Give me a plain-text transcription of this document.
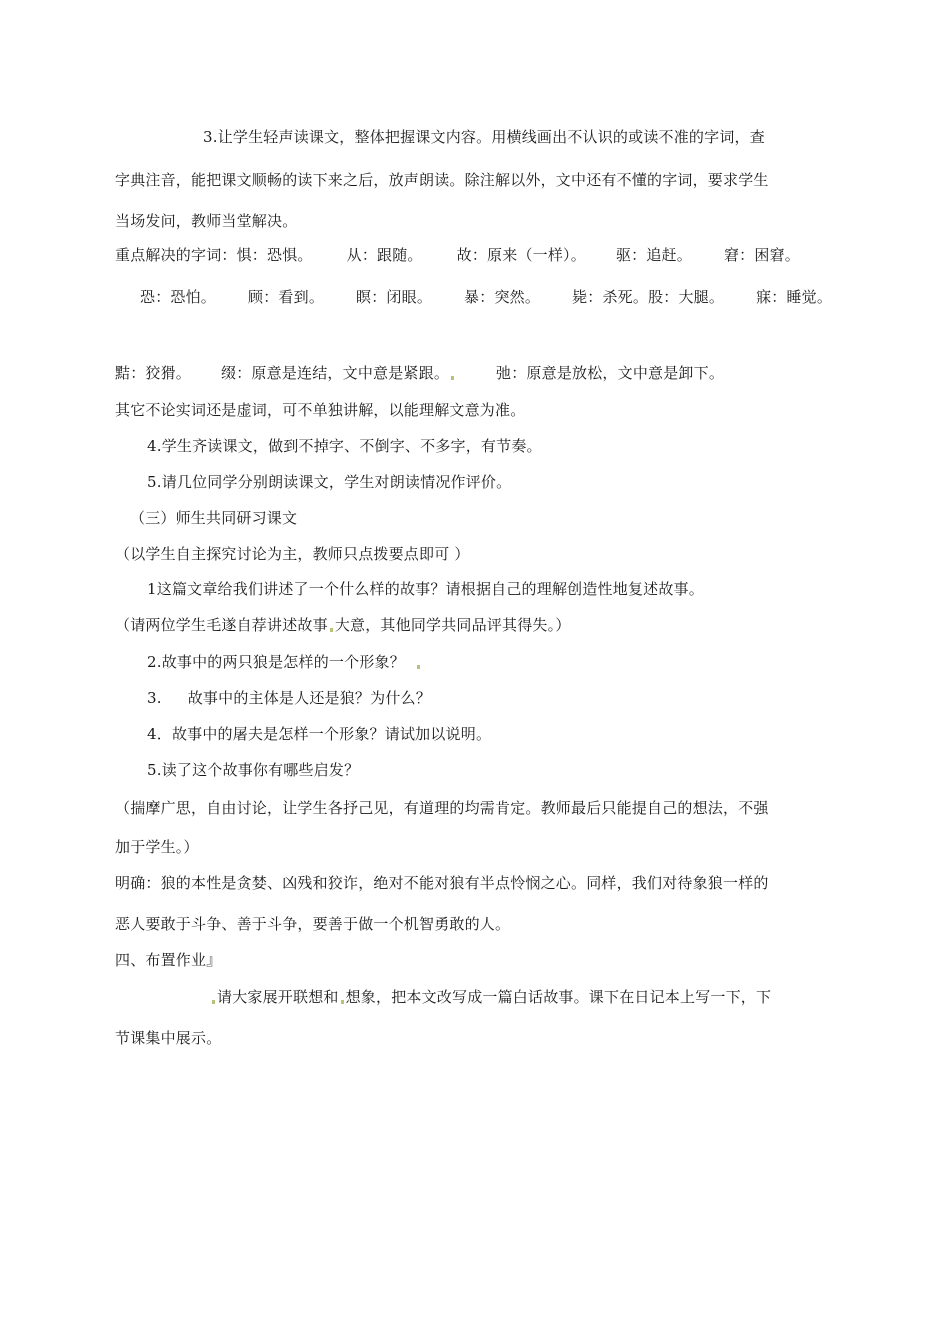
3.让学生轻声读课文，整体把握课文内容。用横线画出不认识的或读不准的字词，查
字典注音，能把课文顺畅的读下来之后，放声朗读。除注解以外，文中还有不懂的字词，要求学生
当场发问，教师当堂解决。
重点解决的字词：惧：恐惧。 从：跟随。 故：原来（一样）。 驱：追赶。 窘：困窘。
恐：恐怕。 顾：看到。 瞑：闭眼。 暴：突然。 毙：杀死。股：大腿。 寐：睡觉。
黠：狡猾。 缀：原意是连结，文中意是紧跟。	弛：原意是放松，文中意是卸下。
其它不论实词还是虚词，可不单独讲解，以能理解文意为准。
4.学生齐读课文，做到不掉字、不倒字、不多字，有节奏。
5.请几位同学分别朗读课文，学生对朗读情况作评价。
（三）师生共同研习课文
（以学生自主探究讨论为主，教师只点拨要点即可 ）
1这篇文章给我们讲述了一个什么样的故事？请根据自己的理解创造性地复述故事。
（请两位学生毛遂自荐讲述故事 大意，其他同学共同品评其得失。）
2.故事中的两只狼是怎样的一个形象？
3. 故事中的主体是人还是狼？为什么？
4．故事中的屠夫是怎样一个形象？请试加以说明。
5.读了这个故事你有哪些启发？
（揣摩广思，自由讨论，让学生各抒己见，有道理的均需肯定。教师最后只能提自己的想法，不强
加于学生。）
明确：狼的本性是贪婪、凶残和狡诈，绝对不能对狼有半点怜悯之心。同样，我们对待象狼一样的
恶人要敢于斗争、善于斗争，要善于做一个机智勇敢的人。
四、布置作业』
请大家展开联想和 想象，把本文改写成一篇白话故事。课下在日记本上写一下，下
节课集中展示。
